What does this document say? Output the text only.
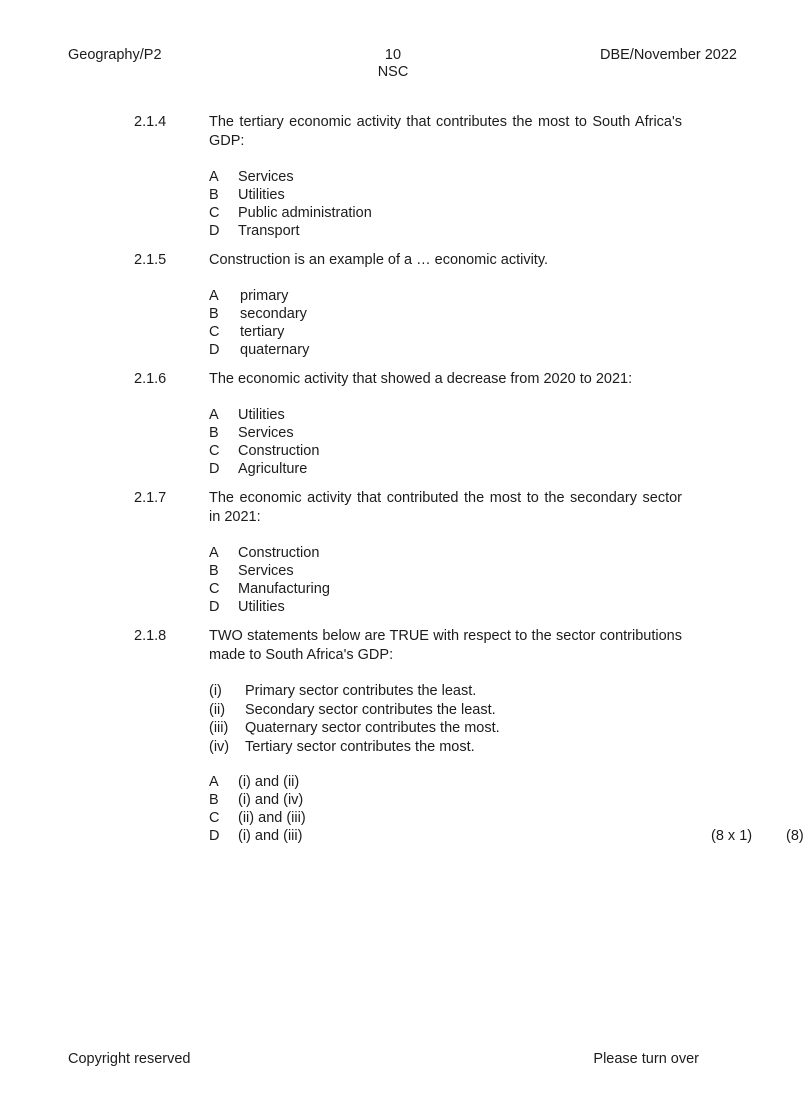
Geography/P2	10
NSC
DBE/November 2022
2.1.4	The tertiary economic activity that contributes the most to South Africa's GDP:

A

Services

B

Utilities

C

Public administration

D

Transport

2.1.5	Construction is an example of a … economic activity.

A

primary

B

secondary

C

tertiary

D

quaternary

2.1.6	The economic activity that showed a decrease from 2020 to 2021:

A

Utilities

B

Services

C

Construction

D

Agriculture

2.1.7	The economic activity that contributed the most to the secondary sector in 2021:

A

Construction

B

Services

C

Manufacturing

D

Utilities

2.1.8	TWO statements below are TRUE with respect to the sector contributions made to South Africa's GDP:

(i)

Primary sector contributes the least.

(ii)

Secondary sector contributes the least.

(iii)

Quaternary sector contributes the most.

(iv)

Tertiary sector contributes the most.

A

(i) and (ii)

B

(i) and (iv)

C

(ii) and (iii)

D

(i) and (iii)

	(8 x 1)

(8)

Copyright reserved	Please turn over
